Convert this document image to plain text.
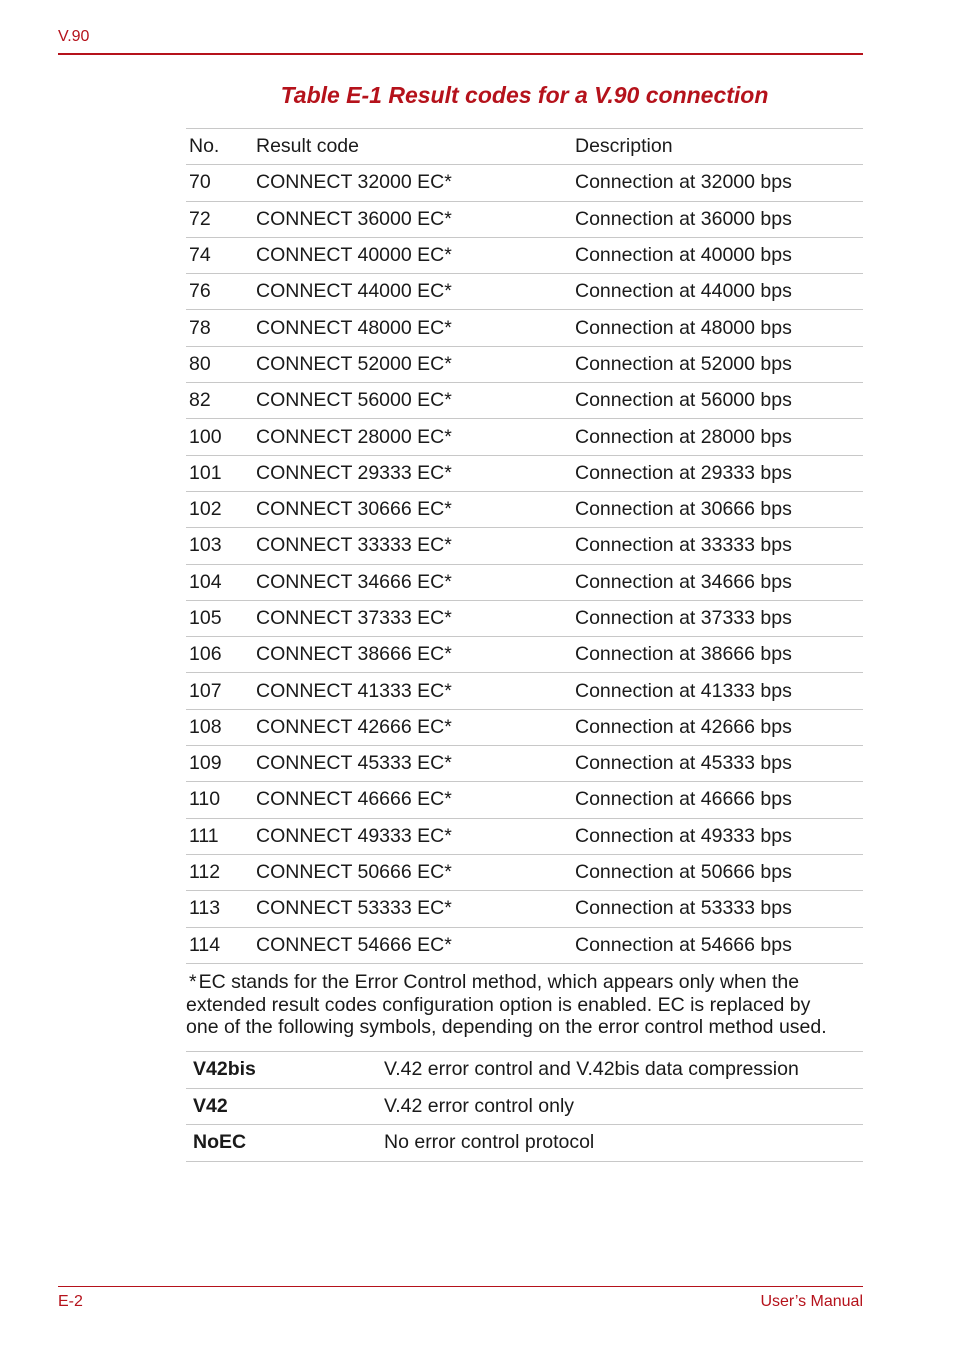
V.90
Table E-1 Result codes for a V.90 connection
No.	Result code	Description
70	CONNECT 32000 EC*	Connection at 32000 bps
72	CONNECT 36000 EC*	Connection at 36000 bps
74	CONNECT 40000 EC*	Connection at 40000 bps
76	CONNECT 44000 EC*	Connection at 44000 bps
78	CONNECT 48000 EC*	Connection at 48000 bps
80	CONNECT 52000 EC*	Connection at 52000 bps
82	CONNECT 56000 EC*	Connection at 56000 bps
100	CONNECT 28000 EC*	Connection at 28000 bps
101	CONNECT 29333 EC*	Connection at 29333 bps
102	CONNECT 30666 EC*	Connection at 30666 bps
103	CONNECT 33333 EC*	Connection at 33333 bps
104	CONNECT 34666 EC*	Connection at 34666 bps
105	CONNECT 37333 EC*	Connection at 37333 bps
106	CONNECT 38666 EC*	Connection at 38666 bps
107	CONNECT 41333 EC*	Connection at 41333 bps
108	CONNECT 42666 EC*	Connection at 42666 bps
109	CONNECT 45333 EC*	Connection at 45333 bps
110	CONNECT 46666 EC*	Connection at 46666 bps
111	CONNECT 49333 EC*	Connection at 49333 bps
112	CONNECT 50666 EC*	Connection at 50666 bps
113	CONNECT 53333 EC*	Connection at 53333 bps
114	CONNECT 54666 EC*	Connection at 54666 bps
* EC stands for the Error Control method, which appears only when the
extended result codes configuration option is enabled. EC is replaced by
one of the following symbols, depending on the error control method used.
V42bis	V.42 error control and V.42bis data compression
V42	V.42 error control only
NoEC	No error control protocol
E-2	User’s Manual
